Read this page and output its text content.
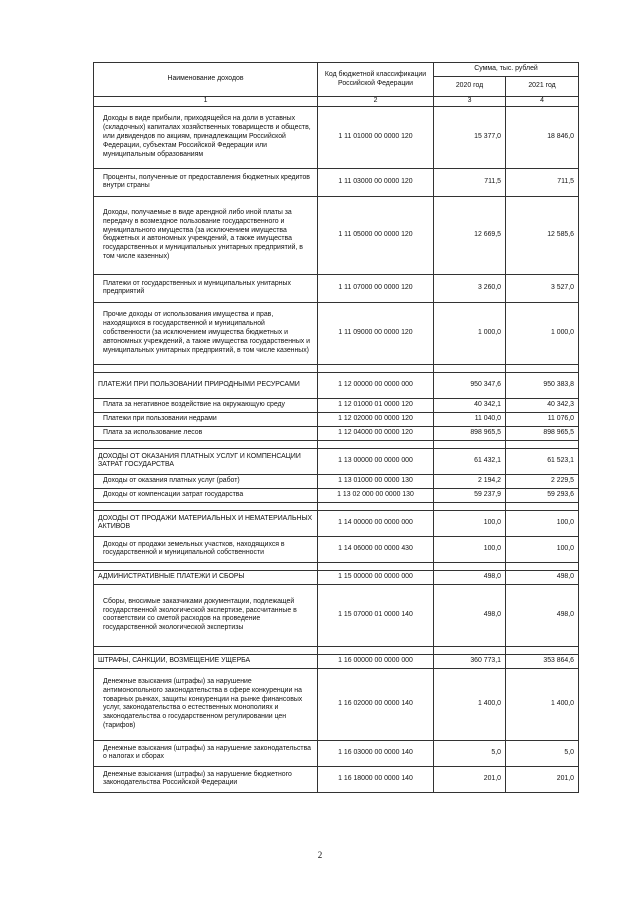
Наименование доходов	Код бюджетной классификации Российской Федерации	Сумма, тыс. рублей	
		2020 год	2021 год
1	2	3	4
Доходы в виде прибыли, приходящейся на доли в уставных (складочных) капиталах хозяйственных товариществ и обществ, или дивидендов по акциям, принадлежащим Российской Федерации, субъектам Российской Федерации или муниципальным образованиям	1 11 01000 00 0000 120	15 377,0	18 846,0
Проценты, полученные от предоставления бюджетных кредитов внутри страны	1 11 03000 00 0000 120	711,5	711,5
Доходы, получаемые в виде арендной либо иной платы за передачу в возмездное пользование государственного и муниципального имущества (за исключением имущества бюджетных и автономных учреждений, а также имущества государственных и муниципальных унитарных предприятий, в том числе казенных)	1 11 05000 00 0000 120	12 669,5	12 585,6
Платежи от государственных и муниципальных унитарных предприятий	1 11 07000 00 0000 120	3 260,0	3 527,0
Прочие доходы от использования имущества и прав, находящихся в государственной и муниципальной собственности (за исключением имущества бюджетных и автономных учреждений, а также имущества государственных и муниципальных унитарных предприятий, в том числе казенных)	1 11 09000 00 0000 120	1 000,0	1 000,0

ПЛАТЕЖИ ПРИ ПОЛЬЗОВАНИИ ПРИРОДНЫМИ РЕСУРСАМИ	1 12 00000 00 0000 000	950 347,6	950 383,8
Плата за негативное воздействие на окружающую среду	1 12 01000 01 0000 120	40 342,1	40 342,3
Платежи при пользовании недрами	1 12 02000 00 0000 120	11 040,0	11 076,0
Плата за использование лесов	1 12 04000 00 0000 120	898 965,5	898 965,5

ДОХОДЫ ОТ ОКАЗАНИЯ ПЛАТНЫХ УСЛУГ И КОМПЕНСАЦИИ ЗАТРАТ ГОСУДАРСТВА	1 13 00000 00 0000 000	61 432,1	61 523,1
Доходы от оказания платных услуг (работ)	1 13 01000 00 0000 130	2 194,2	2 229,5
Доходы от компенсации затрат государства	1 13 02 000 00 0000 130	59 237,9	59 293,6

ДОХОДЫ ОТ ПРОДАЖИ МАТЕРИАЛЬНЫХ И НЕМАТЕРИАЛЬНЫХ АКТИВОВ	1 14 00000 00 0000 000	100,0	100,0
Доходы от продажи земельных участков, находящихся в государственной и муниципальной собственности	1 14 06000 00 0000 430	100,0	100,0

АДМИНИСТРАТИВНЫЕ ПЛАТЕЖИ И СБОРЫ	1 15 00000 00 0000 000	498,0	498,0
Сборы, вносимые заказчиками документации, подлежащей государственной экологической экспертизе, рассчитанные в соответствии со сметой расходов на проведение государственной экологической экспертизы	1 15 07000 01 0000 140	498,0	498,0

ШТРАФЫ, САНКЦИИ, ВОЗМЕЩЕНИЕ УЩЕРБА	1 16 00000 00 0000 000	360 773,1	353 864,6
Денежные взыскания (штрафы) за нарушение антимонопольного законодательства в сфере конкуренции на товарных рынках, защиты конкуренции на рынке финансовых услуг, законодательства о естественных монополиях и законодательства о государственном регулировании цен (тарифов)	1 16 02000 00 0000 140	1 400,0	1 400,0
Денежные взыскания (штрафы) за нарушение законодательства о налогах и сборах	1 16 03000 00 0000 140	5,0	5,0
Денежные взыскания (штрафы) за нарушение бюджетного законодательства Российской Федерации	1 16 18000 00 0000 140	201,0	201,0
2
